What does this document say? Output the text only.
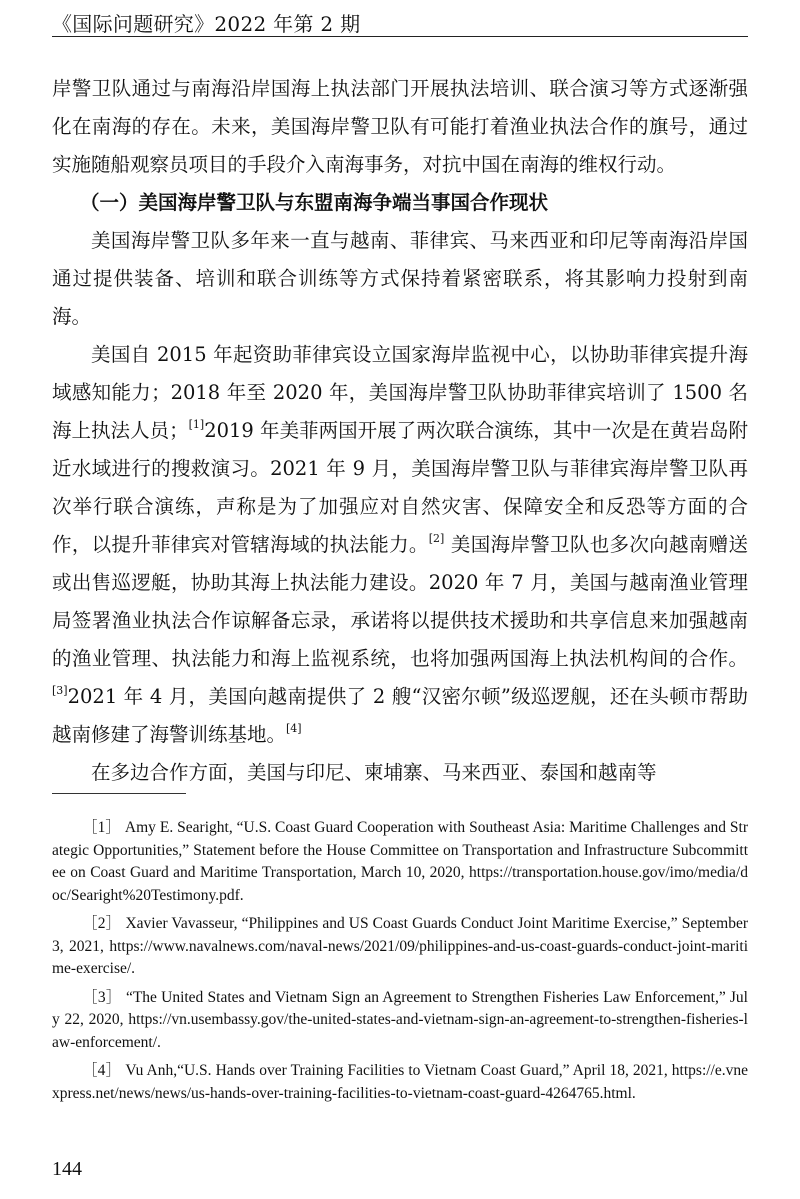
《国际问题研究》2022 年第 2 期

岸警卫队通过与南海沿岸国海上执法部门开展执法培训、联合演习等方式逐渐强化在南海的存在。未来，美国海岸警卫队有可能打着渔业执法合作的旗号，通过实施随船观察员项目的手段介入南海事务，对抗中国在南海的维权行动。

（一）美国海岸警卫队与东盟南海争端当事国合作现状

美国海岸警卫队多年来一直与越南、菲律宾、马来西亚和印尼等南海沿岸国通过提供装备、培训和联合训练等方式保持着紧密联系，将其影响力投射到南海。

美国自 2015 年起资助菲律宾设立国家海岸监视中心，以协助菲律宾提升海域感知能力；2018 年至 2020 年，美国海岸警卫队协助菲律宾培训了 1500 名海上执法人员；[1]2019 年美菲两国开展了两次联合演练，其中一次是在黄岩岛附近水域进行的搜救演习。2021 年 9 月，美国海岸警卫队与菲律宾海岸警卫队再次举行联合演练，声称是为了加强应对自然灾害、保障安全和反恐等方面的合作，以提升菲律宾对管辖海域的执法能力。[2] 美国海岸警卫队也多次向越南赠送或出售巡逻艇，协助其海上执法能力建设。2020 年 7 月，美国与越南渔业管理局签署渔业执法合作谅解备忘录，承诺将以提供技术援助和共享信息来加强越南的渔业管理、执法能力和海上监视系统，也将加强两国海上执法机构间的合作。[3]2021 年 4 月，美国向越南提供了 2 艘“汉密尔顿”级巡逻舰，还在头顿市帮助越南修建了海警训练基地。[4]

在多边合作方面，美国与印尼、柬埔寨、马来西亚、泰国和越南等

［1］ Amy E. Searight, “U.S. Coast Guard Cooperation with Southeast Asia: Maritime Challenges and Strategic Opportunities,” Statement before the House Committee on Transportation and Infrastructure Subcommittee on Coast Guard and Maritime Transportation, March 10, 2020, https://transportation.house.gov/imo/media/doc/Searight%20Testimony.pdf.

［2］ Xavier Vavasseur, “Philippines and US Coast Guards Conduct Joint Maritime Exercise,” September 3, 2021, https://www.navalnews.com/naval-news/2021/09/philippines-and-us-coast-guards-conduct-joint-maritime-exercise/.

［3］ “The United States and Vietnam Sign an Agreement to Strengthen Fisheries Law Enforcement,” July 22, 2020, https://vn.usembassy.gov/the-united-states-and-vietnam-sign-an-agreement-to-strengthen-fisheries-law-enforcement/.

［4］ Vu Anh,“U.S. Hands over Training Facilities to Vietnam Coast Guard,” April 18, 2021, https://e.vnexpress.net/news/news/us-hands-over-training-facilities-to-vietnam-coast-guard-4264765.html.

144
